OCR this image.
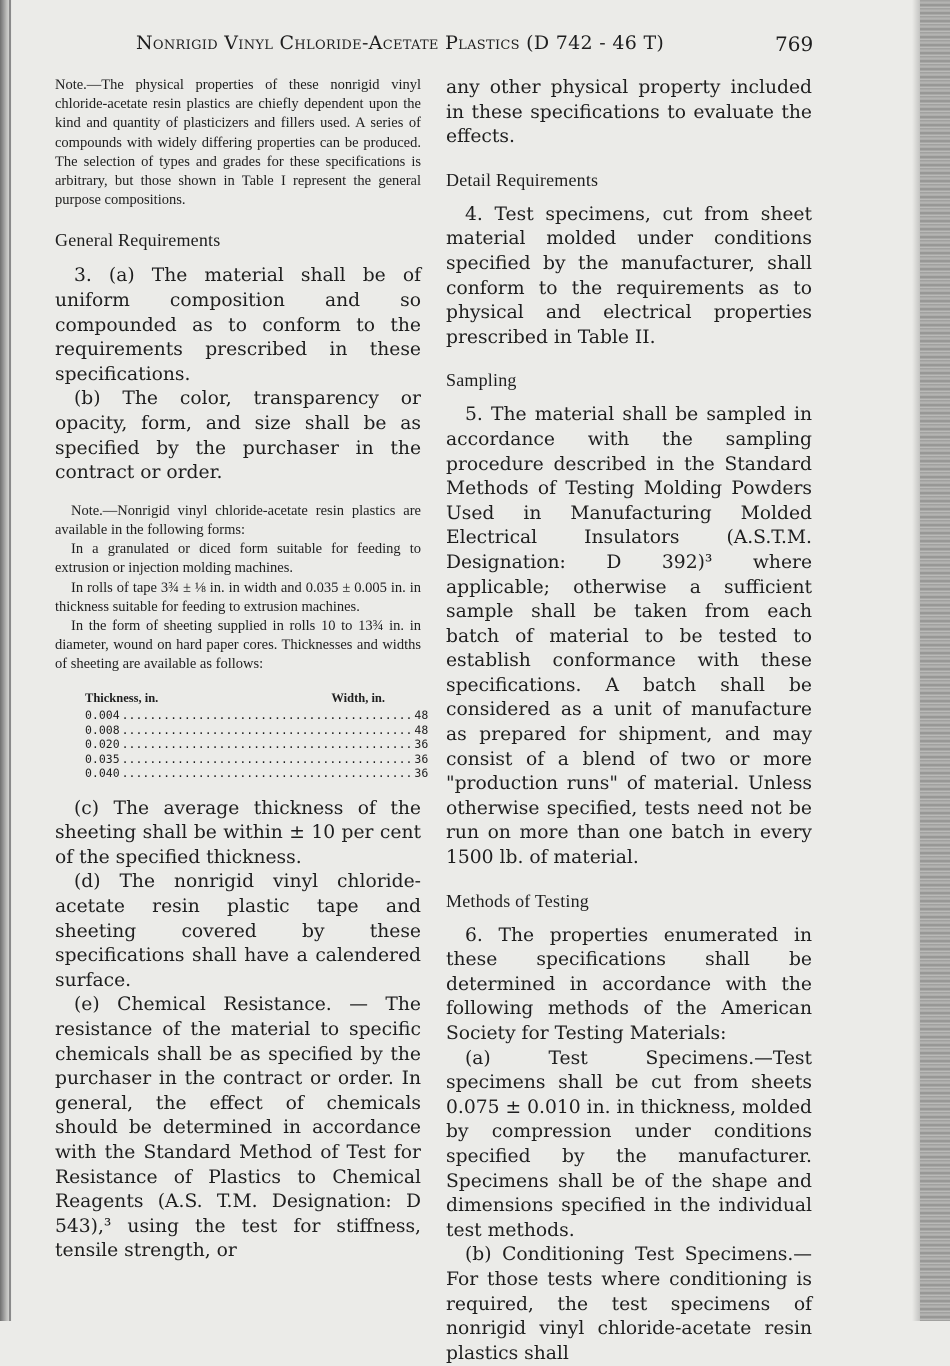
Nonrigid Vinyl Chloride-Acetate Plastics (D 742 - 46 T)	769

Note.—The physical properties of these nonrigid vinyl chloride-acetate resin plastics are chiefly dependent upon the kind and quantity of plasticizers and fillers used. A series of compounds with widely differing properties can be produced. The selection of types and grades for these specifications is arbitrary, but those shown in Table I represent the general purpose compositions.

General Requirements

3. (a) The material shall be of uniform composition and so compounded as to conform to the requirements prescribed in these specifications.

(b) The color, transparency or opacity, form, and size shall be as specified by the purchaser in the contract or order.

Note.—Nonrigid vinyl chloride-acetate resin plastics are available in the following forms:

In a granulated or diced form suitable for feeding to extrusion or injection molding machines.

In rolls of tape 3¾ ± ⅛ in. in width and 0.035 ± 0.005 in. in thickness suitable for feeding to extrusion machines.

In the form of sheeting supplied in rolls 10 to 13¾ in. in diameter, wound on hard paper cores. Thicknesses and widths of sheeting are available as follows:

Thickness, in.	Width, in.
0.004 .......................................... 48
0.008 .......................................... 48
0.020 .......................................... 36
0.035 .......................................... 36
0.040 .......................................... 36

(c) The average thickness of the sheeting shall be within ± 10 per cent of the specified thickness.

(d) The nonrigid vinyl chloride-acetate resin plastic tape and sheeting covered by these specifications shall have a calendered surface.

(e) Chemical Resistance. — The resistance of the material to specific chemicals shall be as specified by the purchaser in the contract or order. In general, the effect of chemicals should be determined in accordance with the Standard Method of Test for Resistance of Plastics to Chemical Reagents (A.S. T.M. Designation: D 543),³ using the test for stiffness, tensile strength, or

any other physical property included in these specifications to evaluate the effects.

Detail Requirements

4. Test specimens, cut from sheet material molded under conditions specified by the manufacturer, shall conform to the requirements as to physical and electrical properties prescribed in Table II.

Sampling

5. The material shall be sampled in accordance with the sampling procedure described in the Standard Methods of Testing Molding Powders Used in Manufacturing Molded Electrical Insulators (A.S.T.M. Designation: D 392)³ where applicable; otherwise a sufficient sample shall be taken from each batch of material to be tested to establish conformance with these specifications. A batch shall be considered as a unit of manufacture as prepared for shipment, and may consist of a blend of two or more "production runs" of material. Unless otherwise specified, tests need not be run on more than one batch in every 1500 lb. of material.

Methods of Testing

6. The properties enumerated in these specifications shall be determined in accordance with the following methods of the American Society for Testing Materials:

(a) Test Specimens.—Test specimens shall be cut from sheets 0.075 ± 0.010 in. in thickness, molded by compression under conditions specified by the manufacturer. Specimens shall be of the shape and dimensions specified in the individual test methods.

(b) Conditioning Test Specimens.—For those tests where conditioning is required, the test specimens of nonrigid vinyl chloride-acetate resin plastics shall
